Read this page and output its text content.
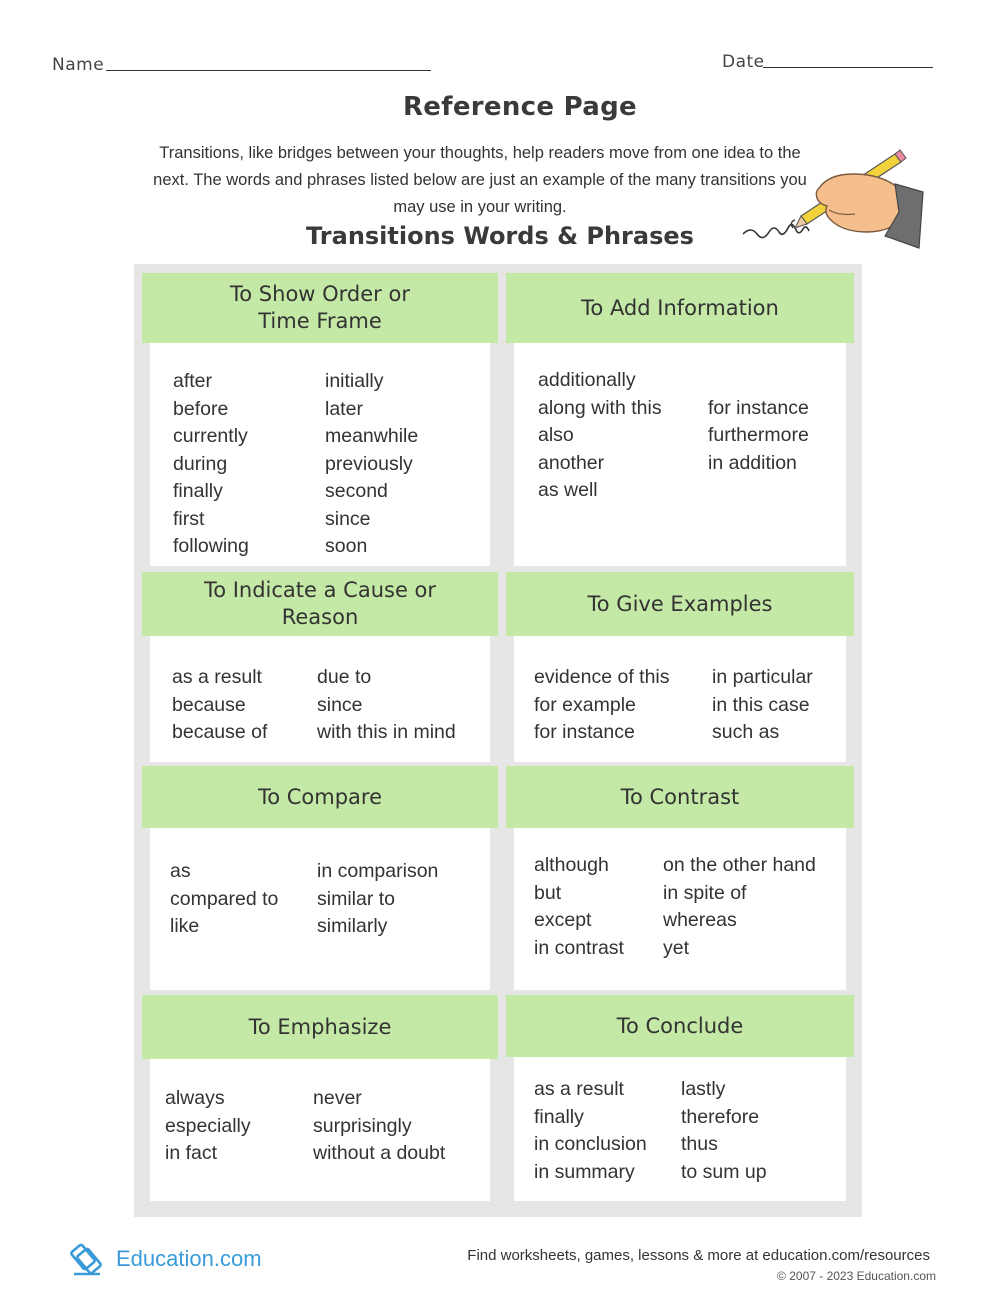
Name	Date
Reference Page

Transitions, like bridges between your thoughts, help readers move from one idea to the next. The words and phrases listed below are just an example of the many transitions you may use in your writing.

Transitions Words & Phrases
To Show Order or
Time Frame
after
before
currently
during
finally
first
following
initially
later
meanwhile
previously
second
since
soon
To Add Information
additionally
along with this
also
another
as well
for instance
furthermore
in addition
To Indicate a Cause or
Reason
as a result
because
because of
due to
since
with this in mind
To Give Examples
evidence of this
for example
for instance
in particular
in this case
such as
To Compare
as
compared to
like
in comparison
similar to
similarly
To Contrast
although
but
except
in contrast
on the other hand
in spite of
whereas
yet
To Emphasize
always
especially
in fact
never
surprisingly
without a doubt
To Conclude
as a result
finally
in conclusion
in summary
lastly
therefore
thus
to sum up
Education.com	Find worksheets, games, lessons & more at education.com/resources
© 2007 - 2023 Education.com
